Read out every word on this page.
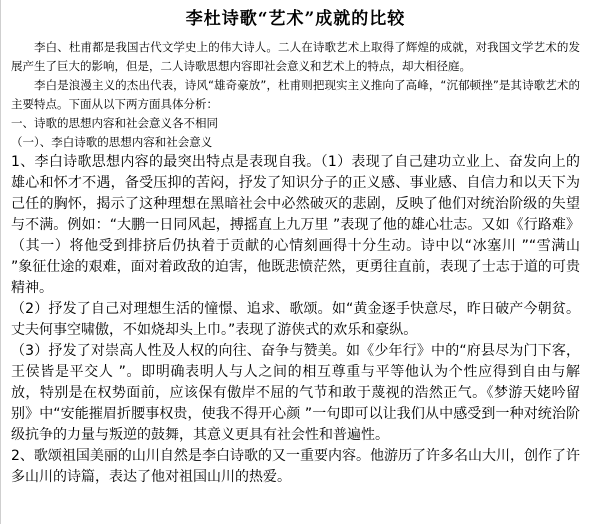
李杜诗歌“艺术”成就的比较

李白、杜甫都是我国古代文学史上的伟大诗人。二人在诗歌艺术上取得了辉煌的成就，对我国文学艺术的发展产生了巨大的影响，但是，二人诗歌思想内容即社会意义和艺术上的特点，却大相径庭。

李白是浪漫主义的杰出代表，诗风“雄奇豪放”，杜甫则把现实主义推向了高峰，“沉郁顿挫”是其诗歌艺术的主要特点。下面从以下两方面具体分析：

一、诗歌的思想内容和社会意义各不相同

（一）、李白诗歌的思想内容和社会意义

1、李白诗歌思想内容的最突出特点是表现自我。（1）表现了自己建功立业上、奋发向上的雄心和怀才不遇，备受压抑的苦闷，抒发了知识分子的正义感、事业感、自信力和以天下为己任的胸怀，揭示了这种理想在黑暗社会中必然破灭的悲剧，反映了他们对统治阶级的失望与不满。例如：“大鹏一日同风起，搏摇直上九万里 ”表现了他的雄心壮志。又如《行路难》（其一）将他受到排挤后仍执着于贡献的心情刻画得十分生动。诗中以“冰塞川 ”“雪满山 ”象征仕途的艰难，面对着政敌的迫害，他既悲愤茫然，更勇往直前，表现了士志于道的可贵精神。

（2）抒发了自己对理想生活的憧憬、追求、歌颂。如“黄金逐手快意尽，昨日破产今朝贫。丈夫何事空啸傲，不如烧却头上巾。”表现了游侠式的欢乐和豪纵。

（3）抒发了对崇高人性及人权的向往、奋争与赞美。如《少年行》中的“府县尽为门下客，王侯皆是平交人 ”。即明确表明人与人之间的相互尊重与平等他认为个性应得到自由与解放，特别是在权势面前，应该保有傲岸不屈的气节和敢于蔑视的浩然正气。《梦游天姥吟留别》中“安能摧眉折腰事权贵，使我不得开心颜 ”一句即可以让我们从中感受到一种对统治阶级抗争的力量与叛逆的鼓舞，其意义更具有社会性和普遍性。

2、歌颂祖国美丽的山川自然是李白诗歌的又一重要内容。他游历了许多名山大川，创作了许多山川的诗篇，表达了他对祖国山川的热爱。
